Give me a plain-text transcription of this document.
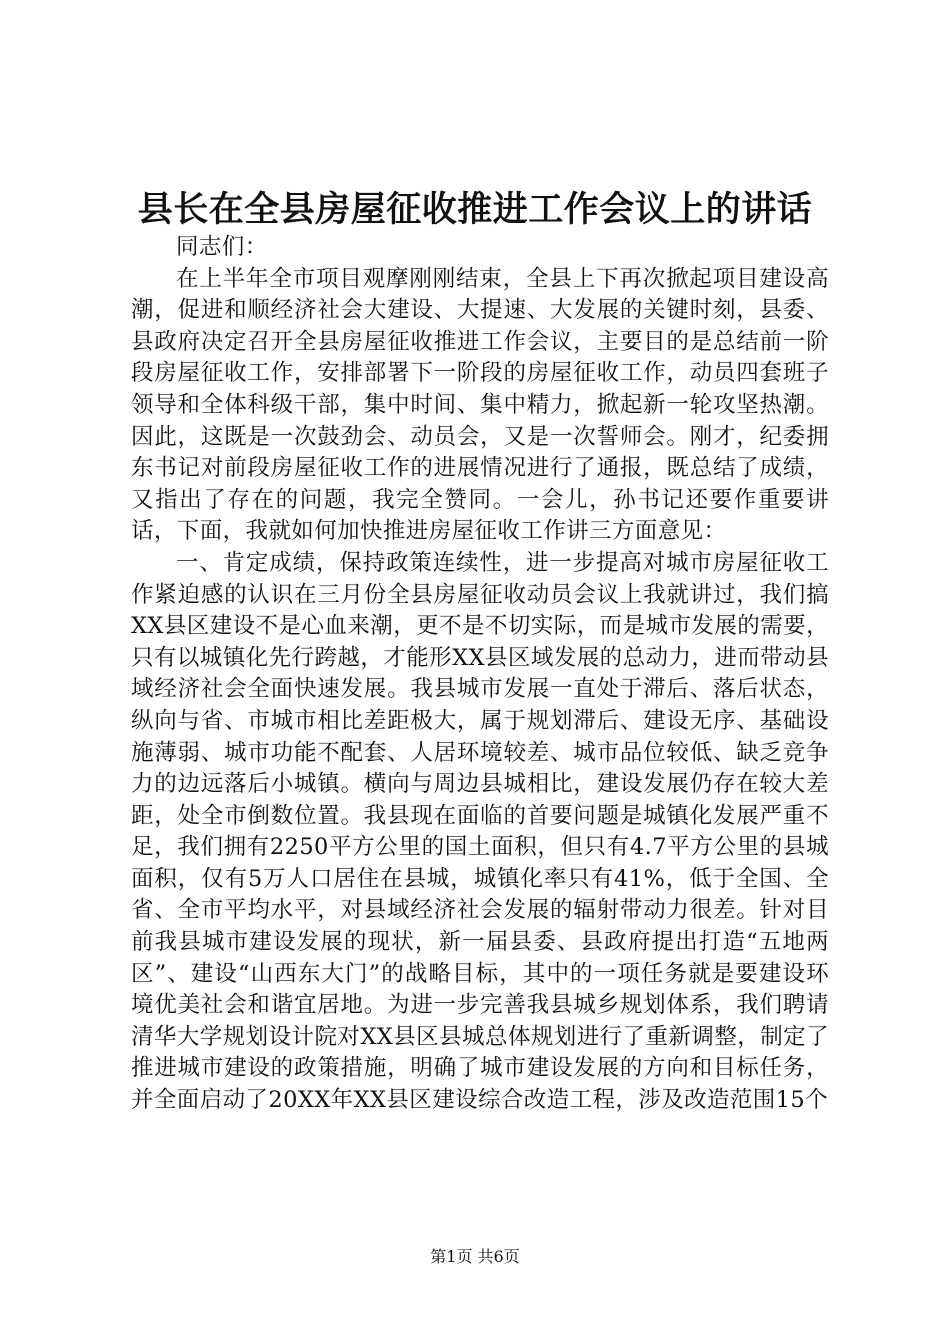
县长在全县房屋征收推进工作会议上的讲话

同志们：

在上半年全市项目观摩刚刚结束，全县上下再次掀起项目建设高潮，促进和顺经济社会大建设、大提速、大发展的关键时刻，县委、县政府决定召开全县房屋征收推进工作会议，主要目的是总结前一阶段房屋征收工作，安排部署下一阶段的房屋征收工作，动员四套班子领导和全体科级干部，集中时间、集中精力，掀起新一轮攻坚热潮。因此，这既是一次鼓劲会、动员会，又是一次誓师会。刚才，纪委拥东书记对前段房屋征收工作的进展情况进行了通报，既总结了成绩，又指出了存在的问题，我完全赞同。一会儿，孙书记还要作重要讲话，下面，我就如何加快推进房屋征收工作讲三方面意见：

一、肯定成绩，保持政策连续性，进一步提高对城市房屋征收工作紧迫感的认识在三月份全县房屋征收动员会议上我就讲过，我们搞XX县区建设不是心血来潮，更不是不切实际，而是城市发展的需要，只有以城镇化先行跨越，才能形XX县区域发展的总动力，进而带动县域经济社会全面快速发展。我县城市发展一直处于滞后、落后状态，纵向与省、市城市相比差距极大，属于规划滞后、建设无序、基础设施薄弱、城市功能不配套、人居环境较差、城市品位较低、缺乏竞争力的边远落后小城镇。横向与周边县城相比，建设发展仍存在较大差距，处全市倒数位置。我县现在面临的首要问题是城镇化发展严重不足，我们拥有2250平方公里的国土面积，但只有4.7平方公里的县城面积，仅有5万人口居住在县城，城镇化率只有41%，低于全国、全省、全市平均水平，对县域经济社会发展的辐射带动力很差。针对目前我县城市建设发展的现状，新一届县委、县政府提出打造“五地两区”、建设“山西东大门”的战略目标，其中的一项任务就是要建设环境优美社会和谐宜居地。为进一步完善我县城乡规划体系，我们聘请清华大学规划设计院对XX县区县城总体规划进行了重新调整，制定了推进城市建设的政策措施，明确了城市建设发展的方向和目标任务，并全面启动了20XX年XX县区建设综合改造工程，涉及改造范围15个

第1页 共6页
